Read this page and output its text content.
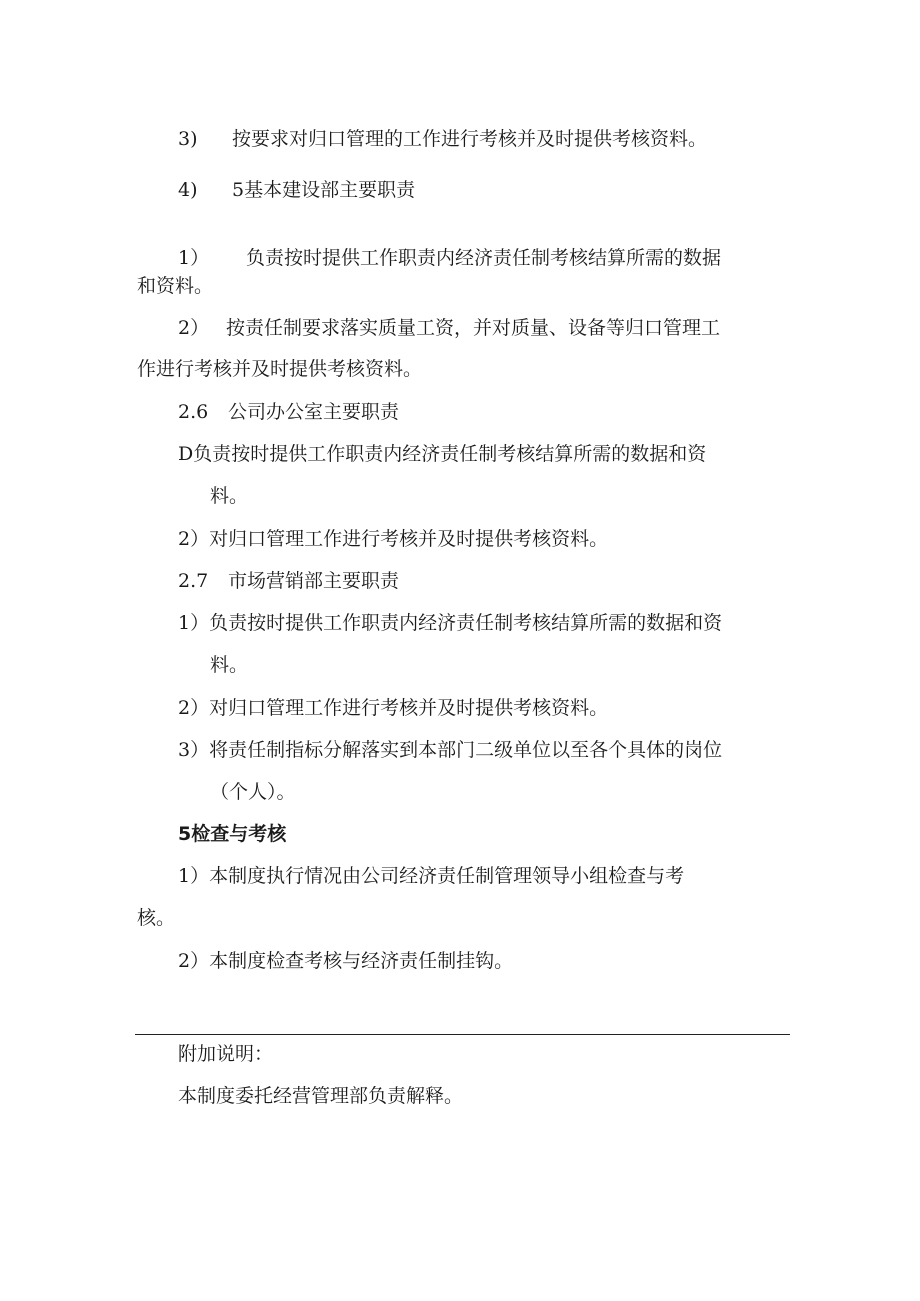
3) 按要求对归口管理的工作进行考核并及时提供考核资料。
4) 5基本建设部主要职责
1） 负责按时提供工作职责内经济责任制考核结算所需的数据
和资料。
2） 按责任制要求落实质量工资，并对质量、设备等归口管理工
作进行考核并及时提供考核资料。
2.6 公司办公室主要职责
D负责按时提供工作职责内经济责任制考核结算所需的数据和资
料。
2）对归口管理工作进行考核并及时提供考核资料。
2.7 市场营销部主要职责
1）负责按时提供工作职责内经济责任制考核结算所需的数据和资
料。
2）对归口管理工作进行考核并及时提供考核资料。
3）将责任制指标分解落实到本部门二级单位以至各个具体的岗位
（个人）。
5检查与考核
1）本制度执行情况由公司经济责任制管理领导小组检查与考
核。
2）本制度检查考核与经济责任制挂钩。
附加说明：
本制度委托经营管理部负责解释。
